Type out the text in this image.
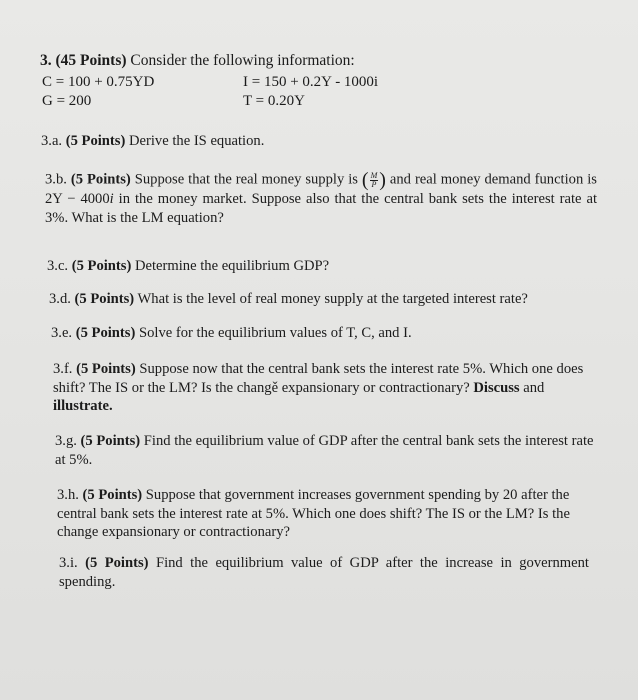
3. (45 Points) Consider the following information:
C = 100 + 0.75YD
G = 200
I = 150 + 0.2Y - 1000i
T = 0.20Y
3.a. (5 Points) Derive the IS equation.
3.b. (5 Points) Suppose that the real money supply is ( $\frac{M}{P}$ ) and real money demand function is 2Y − 4000i in the money market. Suppose also that the central bank sets the interest rate at 3%. What is the LM equation?
3.c. (5 Points) Determine the equilibrium GDP?
3.d. (5 Points) What is the level of real money supply at the targeted interest rate?
3.e. (5 Points) Solve for the equilibrium values of T, C, and I.
3.f. (5 Points) Suppose now that the central bank sets the interest rate 5%. Which one does shift? The IS or the LM? Is the changě expansionary or contractionary? Discuss and illustrate.
3.g. (5 Points) Find the equilibrium value of GDP after the central bank sets the interest rate at 5%.
3.h. (5 Points) Suppose that government increases government spending by 20 after the central bank sets the interest rate at 5%. Which one does shift? The IS or the LM? Is the change expansionary or contractionary?
3.i. (5 Points) Find the equilibrium value of GDP after the increase in government spending.
